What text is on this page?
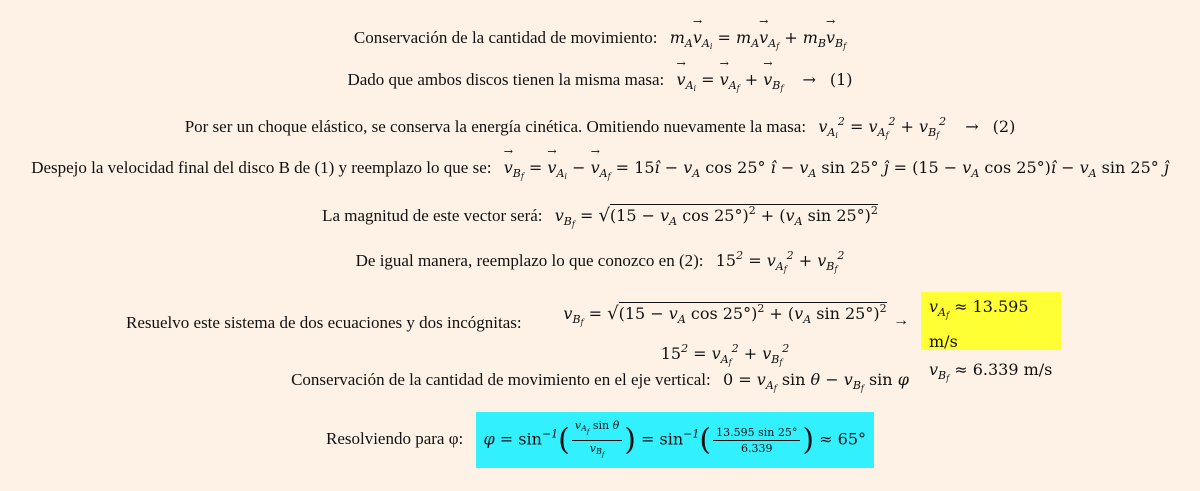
Conservación de la cantidad de movimiento: $m_A\to v_{Ai} = m_A\to v_{Af} + m_B\to v_{Bf}$
Dado que ambos discos tienen la misma masa: → $v_{Ai}$ = → $v_{Af}$ + → $v_{Bf} \to (1)$
Por ser un choque elástico, se conserva la energía cinética. Omitiendo nuevamente la masa: $v_{Ai}^2 = v_{Af}^2 + v_{Bf}^2 \to (2)$
Despejo la velocidad final del disco B de (1) y reemplazo lo que se: → $v_{Bf}$ = → $v_{Ai}$ − → $v_{Af}$ = 15î − $v_A$ cos 25° î − $v_A$ sin 25° ĵ = ($15 - v_A$ cos 25°)î − $v_A$ sin 25° ĵ
La magnitud de este vector será: $v_{Bf} = √(15 - v_A$ $\cos 25^\circ)^2 + (v_A$ sin 25°)$^2$
De igual manera, reemplazo lo que conozco en (2): $15^2 = v_{Af}^2 + v_{Bf}^2$
Resuelvo este sistema de dos ecuaciones y dos incógnitas:	$v_{Bf} = √(15 - v_A$ $\cos 25^\circ)^2 + (v_A$ sin 25°)$^2$
$15^2 = v_{Af}^2 + v_{Bf}^2$
→
$v_{Af} \approx 13.595$ m/s
$v_{Bf} \approx 6.339$ m/s
Conservación de la cantidad de movimiento en el eje vertical: $0 = v_{Af}$ $\sin \theta - v_{Bf}$ sin φ
Resolviendo para φ: $\varphi = \sin^{-1}( \frac{vA_f \sin \theta}{vB_f}$ ) = $\sin^{-1}( \frac{13.595 \sin 25^\circ}{6.339}$ ) ≈ 65°
